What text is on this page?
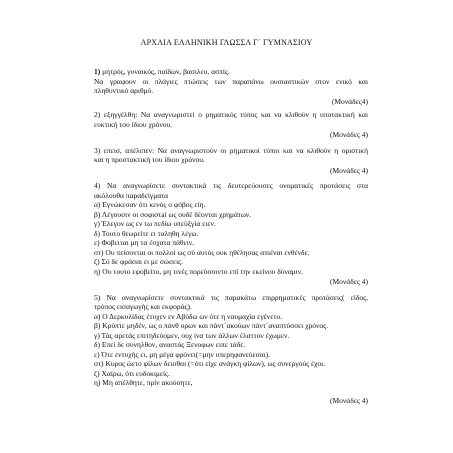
ΑΡΧΑΙΑ ΕΛΛΗΝΙΚΗ ΓΛΩΣΣΑ Γ΄ ΓΥΜΝΑΣΙΟΥ
1) μητρός, γυναικός, παίδων, βασιλευ, ασπίς.
Να γραφουν οι πλάγιες πτώσεις των παραπάνω ουσιαστικών στον ενικό και
πληθυντικό αριθμό.
(Μονάδες4)
2) εξηγγέλθη: Να αναγνωριστεί ο ρηματικός τύπος και να κλιθούν η υποτακτική και
ευκτική του ίδιου χρόνου.
(Μονάδες 4)
3) επεισ, απέλιπεν: Να αναγνωριστούν οι ρηματικοί τύποι και να κλιθούν η οριστική
και η προστακτική του ίδιου χρόνου.
(Μονάδες 4)
4) Να αναγνωρίσετε συντακτικά τις δευτερεύουσες ονοματικές προτάσεις στα
ακόλουθα παραδείγματα
α) Εγνώκεσαν ότι κενός ο φόβος είη.
β) Λέγουσιν οι σοφιστaί ως ουδέ δέονται χρημάτων.
γ) Έλεγον ως εν τω πεδίω υπεύξγία ειεν.
δ) Τουτο θεωρείτε ει ταληθη λέγω.
ε) Φοβειται μη τα έσχατα πάθειν.
στ) Ου πείσονται οι πολλοί ως σύ αυτός ουκ ηθέλησας απιέναι ενθένδε.
ζ) Σό δε φράσαι ει με σώσεις.
η) Ου τουτο εφοβείτο, μη τινές πορεύσοιντο επί την εκείνου δύναμιν.
(Μονάδες 4)
5) Να αναγνωρίσετε συντακτικά τις παρακάτω επιρρηματικές προτάσεις( είδος,
τρόπος εισαγωγής και εκφοράς).
α) Ο Δερκυλίδας έτυχεν εν Αβύδω ων ότε η ναυμαχία εγένετο.
β) Κρύπτε μηδέν, ως ο πάνθ ορων και πάντ΄ακούων πάντ΄αναπτύσσει χρόνος.
γ) Τάς αρετάς επιτηδεύομεν, ουχ ίνα των άλλων έλαττον έχωμεν.
δ) Επεί δε συνηλθον, αναστάς Ξενοφων ειπε τάδε.
ε) Ότε εντυχής ει, μη μέγα φρόνει(=μην υπερηφανεύεσαι).
στ) Κυρος ώετο φίλων δεισθαι (=ότι είχε ανάγκη φίλων), ως συνεργούς έχοι.
ζ) Χαίρω, ότι ευδοκιμείς.
η) Μη απέλθητε, πρίν ακούσητε,
(Μονάδες 4)
